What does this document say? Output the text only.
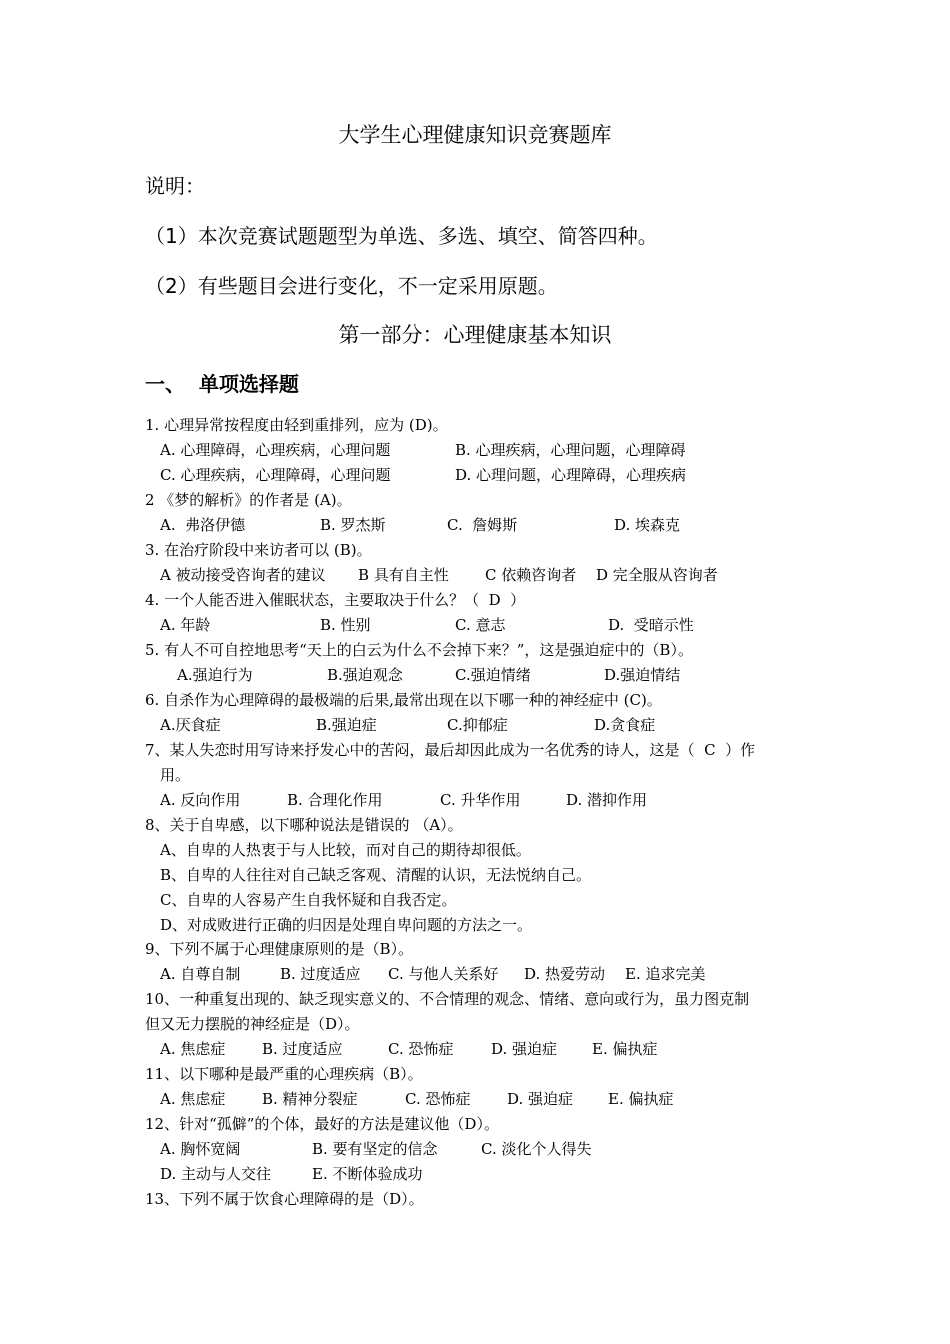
大学生心理健康知识竞赛题库
说明：
（1）本次竞赛试题题型为单选、多选、填空、简答四种。
（2）有些题目会进行变化，不一定采用原题。
第一部分：心理健康基本知识
一、  单项选择题
1. 心理异常按程度由轻到重排列，应为 (D)。
A. 心理障碍，心理疾病，心理问题	B. 心理疾病，心理问题，心理障碍
C. 心理疾病，心理障碍，心理问题	D. 心理问题，心理障碍，心理疾病
2 《梦的解析》的作者是 (A)。
A.  弗洛伊德	B. 罗杰斯	C.  詹姆斯	D. 埃森克
3. 在治疗阶段中来访者可以 (B)。
A 被动接受咨询者的建议 B 具有自主性 C 依赖咨询者 D 完全服从咨询者
4. 一个人能否进入催眠状态，主要取决于什么？（  D  ）
A. 年龄	B. 性别	C. 意志	D.  受暗示性
5. 有人不可自控地思考“天上的白云为什么不会掉下来？”，这是强迫症中的（B）。
A.强迫行为	B.强迫观念	C.强迫情绪	D.强迫情结
6. 自杀作为心理障碍的最极端的后果,最常出现在以下哪一种的神经症中 (C)。
A.厌食症	B.强迫症	C.抑郁症	D.贪食症
7、某人失恋时用写诗来抒发心中的苦闷，最后却因此成为一名优秀的诗人，这是（  C  ）作
用。
A. 反向作用	B. 合理化作用	C. 升华作用	D. 潜抑作用
8、关于自卑感，以下哪种说法是错误的 （A）。
A、自卑的人热衷于与人比较，而对自己的期待却很低。
B、自卑的人往往对自己缺乏客观、清醒的认识，无法悦纳自己。
C、自卑的人容易产生自我怀疑和自我否定。
D、对成败进行正确的归因是处理自卑问题的方法之一。
9、下列不属于心理健康原则的是（B）。
A. 自尊自制	B. 过度适应 C. 与他人关系好 D. 热爱劳动 E. 追求完美
10、一种重复出现的、缺乏现实意义的、不合情理的观念、情绪、意向或行为，虽力图克制
但又无力摆脱的神经症是（D）。
A. 焦虑症 B. 过度适应	C. 恐怖症	D. 强迫症 E. 偏执症
11、以下哪种是最严重的心理疾病（B）。
A. 焦虑症 B. 精神分裂症	C. 恐怖症 D. 强迫症 E. 偏执症
12、针对“孤僻”的个体，最好的方法是建议他（D）。
A. 胸怀宽阔	B. 要有坚定的信念	C. 淡化个人得失
D. 主动与人交往	E. 不断体验成功
13、下列不属于饮食心理障碍的是（D）。
